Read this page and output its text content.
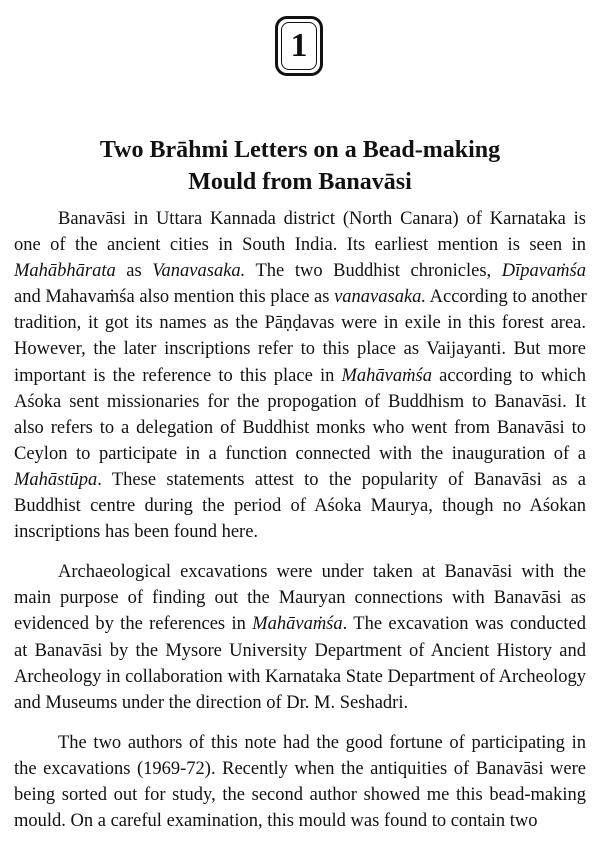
1
Two Brāhmi Letters on a Bead-making
Mould from Banavāsi

Banavāsi in Uttara Kannada district (North Canara) of Karnataka is
one of the ancient cities in South India. Its earliest mention is seen in
Mahābhārata as Vanavasaka. The two Buddhist chronicles, Dīpavaṁśa
and Mahavaṁśa also mention this place as vanavasaka. According to another
tradition, it got its names as the Pāṇḍavas were in exile in this forest area.
However, the later inscriptions refer to this place as Vaijayanti. But more
important is the reference to this place in Mahāvaṁśa according to which
Aśoka sent missionaries for the propogation of Buddhism to Banavāsi. It
also refers to a delegation of Buddhist monks who went from Banavāsi to
Ceylon to participate in a function connected with the inauguration of a
Mahāstūpa. These statements attest to the popularity of Banavāsi as a
Buddhist centre during the period of Aśoka Maurya, though no Aśokan
inscriptions has been found here.

Archaeological excavations were under taken at Banavāsi with the
main purpose of finding out the Mauryan connections with Banavāsi as
evidenced by the references in Mahāvaṁśa. The excavation was conducted
at Banavāsi by the Mysore University Department of Ancient History and
Archeology in collaboration with Karnataka State Department of Archeology
and Museums under the direction of Dr. M. Seshadri.

The two authors of this note had the good fortune of participating in
the excavations (1969-72). Recently when the antiquities of Banavāsi were
being sorted out for study, the second author showed me this bead-making
mould. On a careful examination, this mould was found to contain two
